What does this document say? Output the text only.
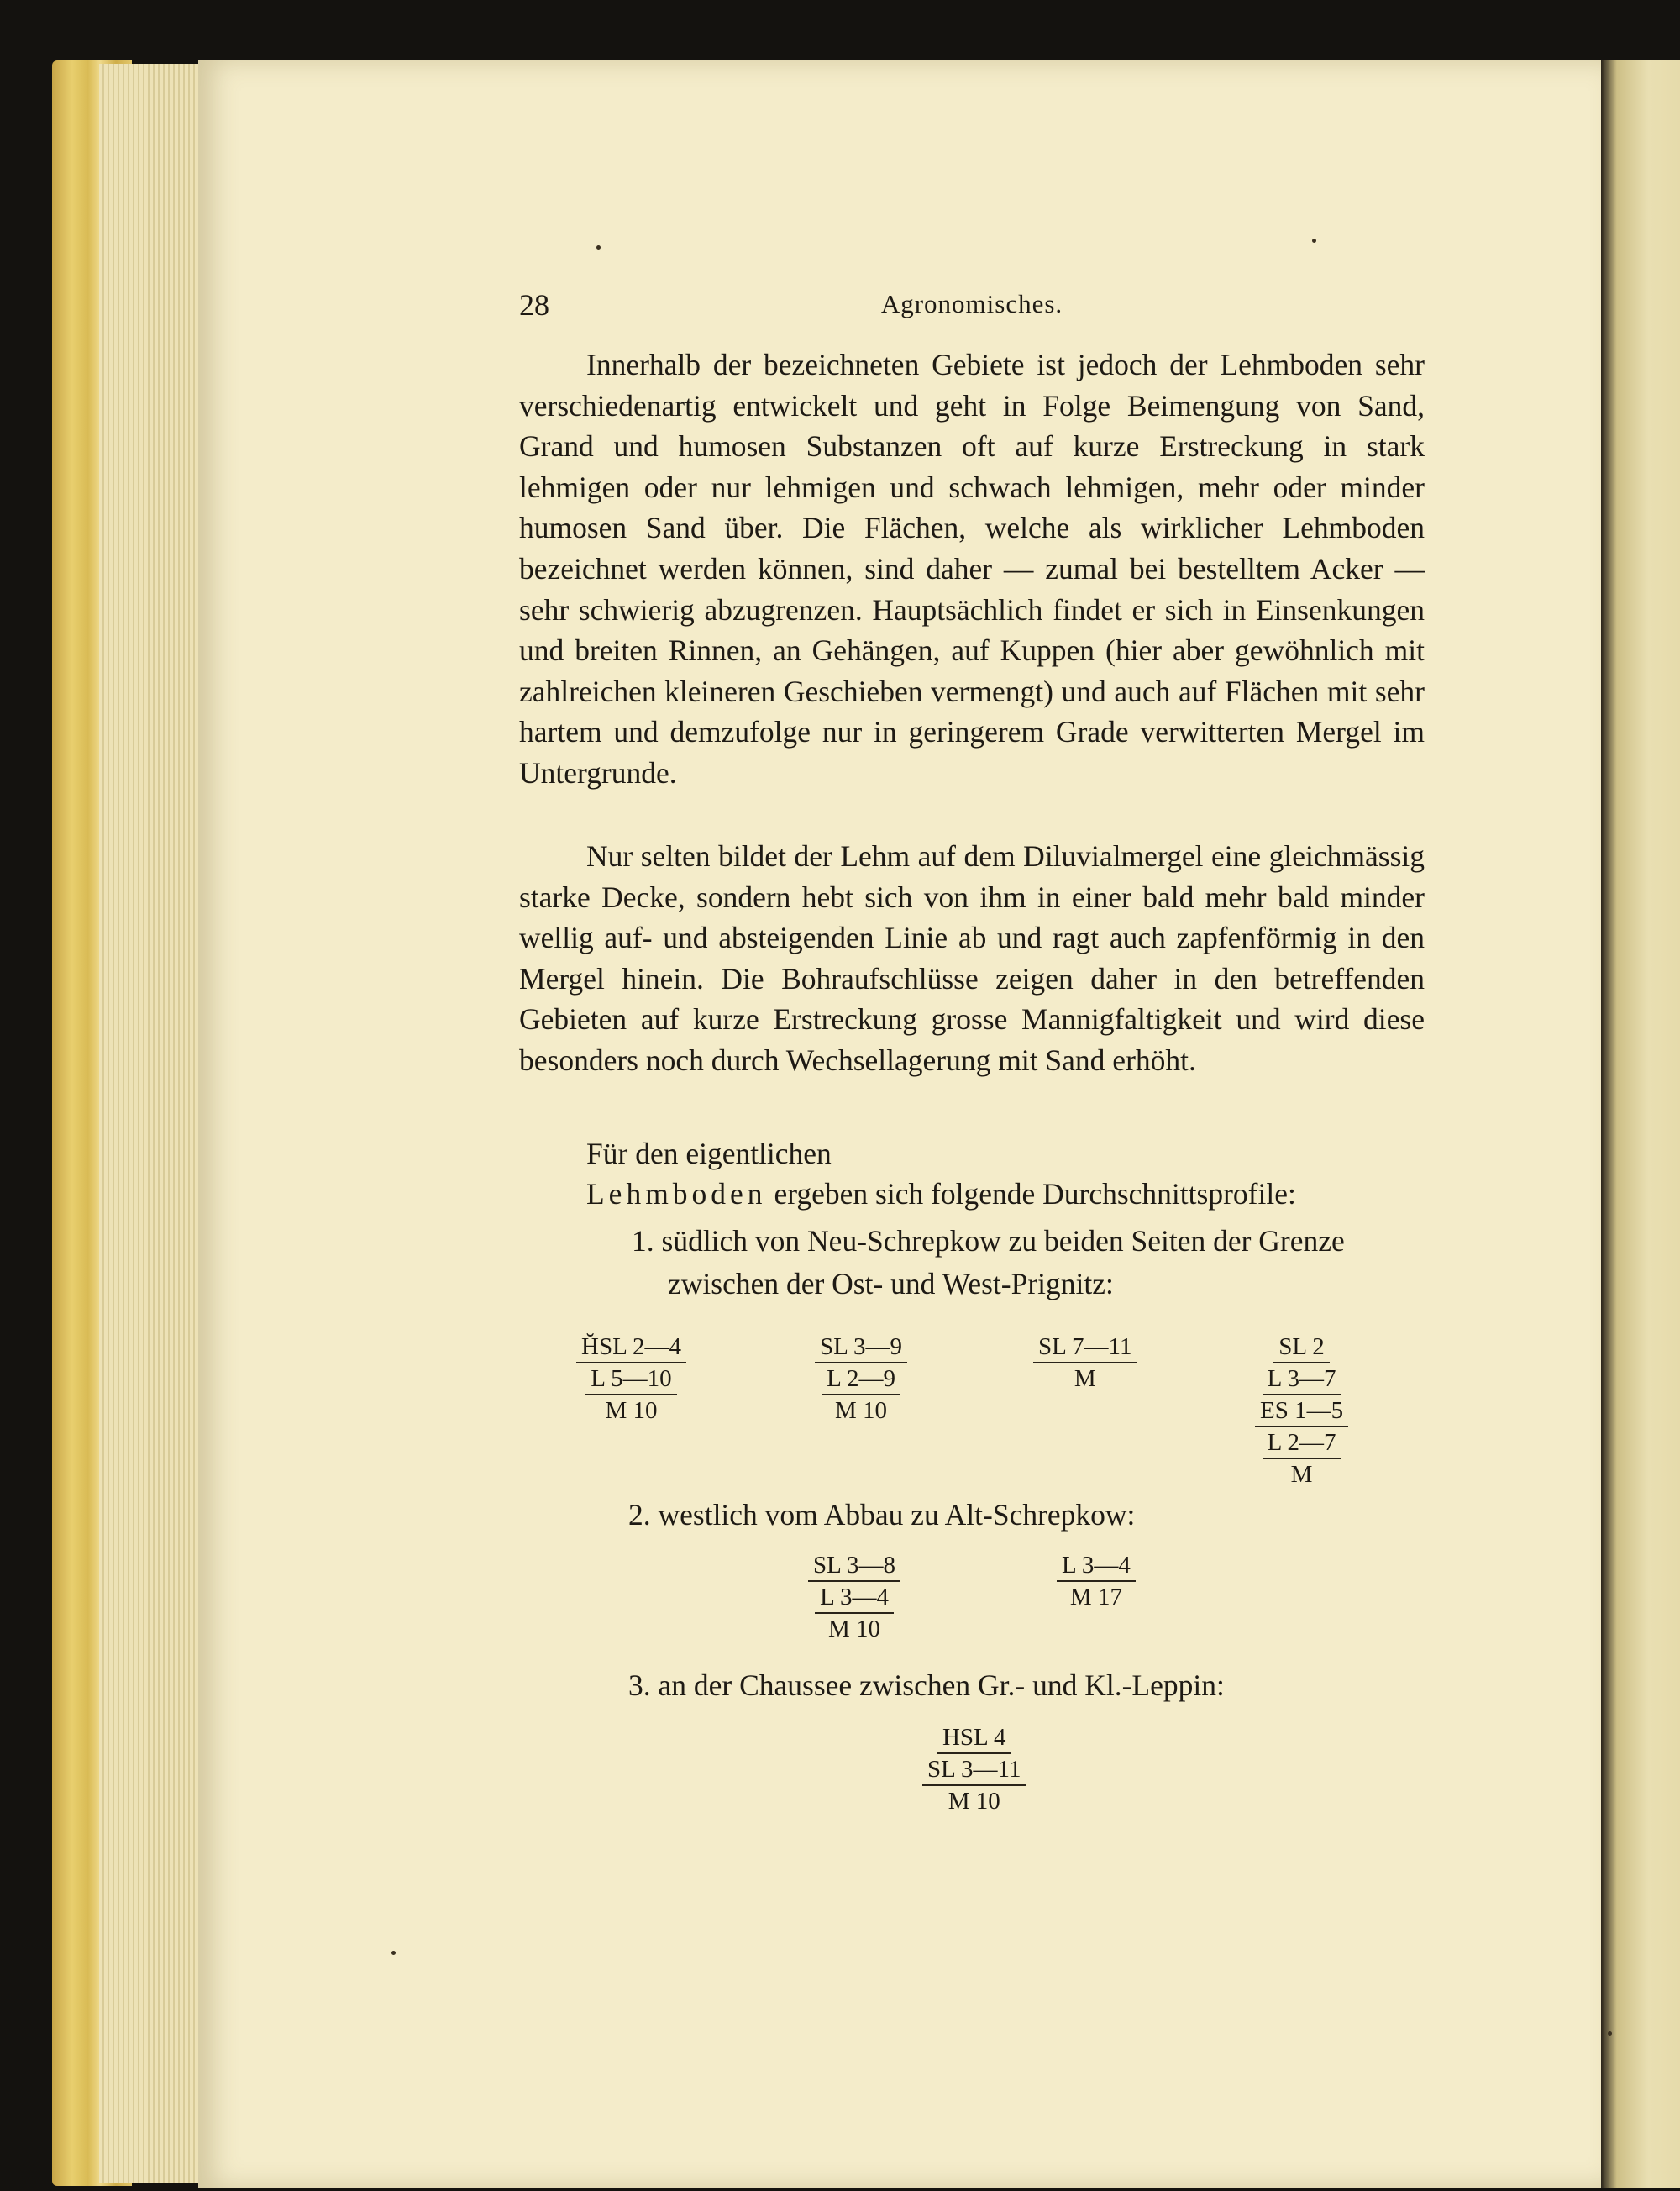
28	Agronomisches.
Innerhalb der bezeichneten Gebiete ist jedoch der Lehmboden sehr verschiedenartig entwickelt und geht in Folge Beimengung von Sand, Grand und humosen Substanzen oft auf kurze Erstreckung in stark lehmigen oder nur lehmigen und schwach lehmigen, mehr oder minder humosen Sand über. Die Flächen, welche als wirklicher Lehmboden bezeichnet werden können, sind daher — zumal bei bestelltem Acker — sehr schwierig abzugrenzen. Hauptsächlich findet er sich in Einsenkungen und breiten Rinnen, an Gehängen, auf Kuppen (hier aber gewöhnlich mit zahlreichen kleineren Geschieben vermengt) und auch auf Flächen mit sehr hartem und demzufolge nur in geringerem Grade verwitterten Mergel im Untergrunde.
Nur selten bildet der Lehm auf dem Diluvialmergel eine gleichmässig starke Decke, sondern hebt sich von ihm in einer bald mehr bald minder wellig auf- und absteigenden Linie ab und ragt auch zapfenförmig in den Mergel hinein. Die Bohraufschlüsse zeigen daher in den betreffenden Gebieten auf kurze Erstreckung grosse Mannigfaltigkeit und wird diese besonders noch durch Wechsellagerung mit Sand erhöht.
Für den eigentlichen
Lehmboden ergeben sich folgende Durchschnittsprofile:
1. südlich von Neu-Schrepkow zu beiden Seiten der Grenze
zwischen der Ost- und West-Prignitz:
H̆SL 2—4
L 5—10
M 10
SL 3—9
L 2—9
M 10
$\frac{SL 7—11}{M}$	SL 2
L 3—7
ES 1—5
L 2—7
M
2. westlich vom Abbau zu Alt-Schrepkow:
SL 3—8
L 3—4
M 10
$\frac{L 3—4}{M 17}$
3. an der Chaussee zwischen Gr.- und Kl.-Leppin:
HSL 4
SL 3—11
M 10
